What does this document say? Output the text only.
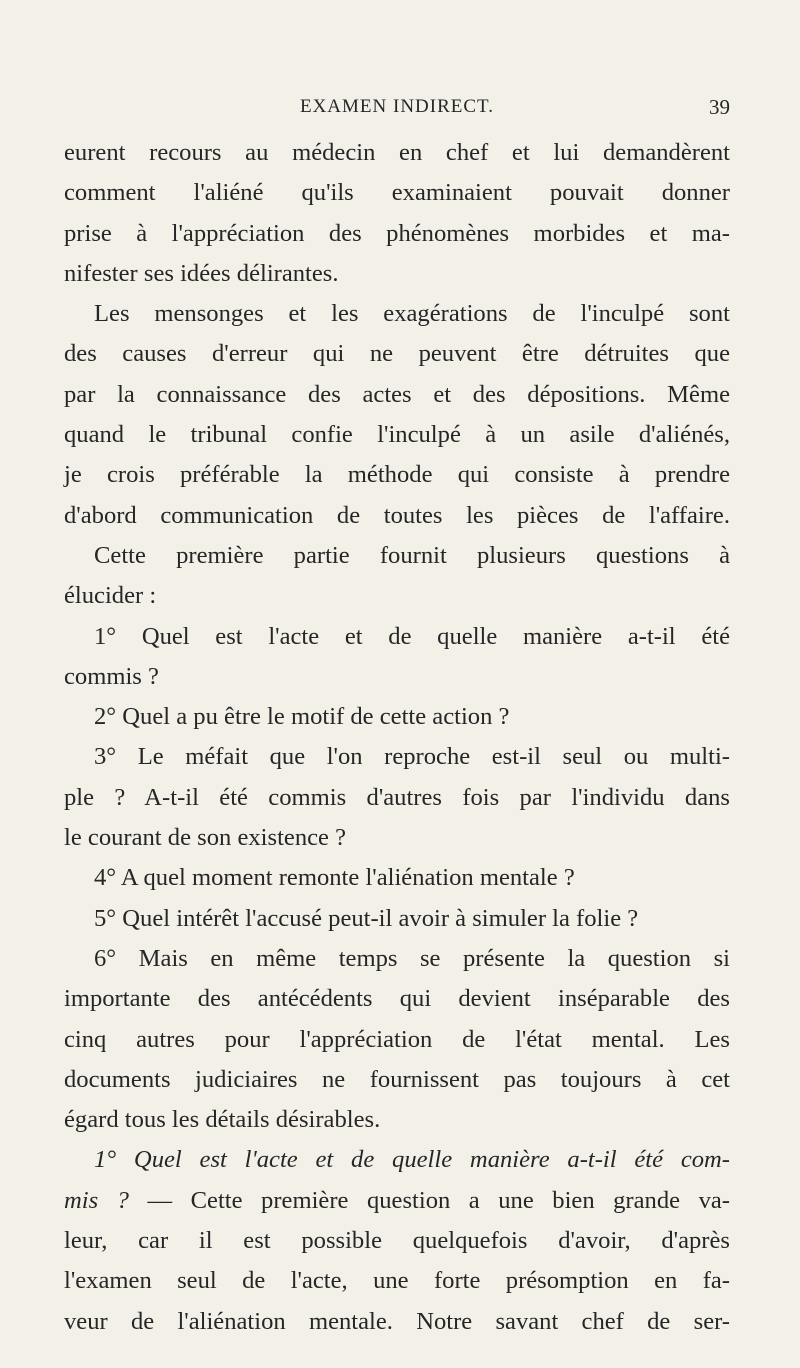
EXAMEN INDIRECT.	39
eurent recours au médecin en chef et lui demandèrent
comment l'aliéné qu'ils examinaient pouvait donner
prise à l'appréciation des phénomènes morbides et ma-
nifester ses idées délirantes.
Les mensonges et les exagérations de l'inculpé sont
des causes d'erreur qui ne peuvent être détruites que
par la connaissance des actes et des dépositions. Même
quand le tribunal confie l'inculpé à un asile d'aliénés,
je crois préférable la méthode qui consiste à prendre
d'abord communication de toutes les pièces de l'affaire.
Cette première partie fournit plusieurs questions à
élucider :
1° Quel est l'acte et de quelle manière a-t-il été
commis ?
2° Quel a pu être le motif de cette action ?
3° Le méfait que l'on reproche est-il seul ou multi-
ple ? A-t-il été commis d'autres fois par l'individu dans
le courant de son existence ?
4° A quel moment remonte l'aliénation mentale ?
5° Quel intérêt l'accusé peut-il avoir à simuler la folie ?
6° Mais en même temps se présente la question si
importante des antécédents qui devient inséparable des
cinq autres pour l'appréciation de l'état mental. Les
documents judiciaires ne fournissent pas toujours à cet
égard tous les détails désirables.
1° Quel est l'acte et de quelle manière a-t-il été com-
mis ? — Cette première question a une bien grande va-
leur, car il est possible quelquefois d'avoir, d'après
l'examen seul de l'acte, une forte présomption en fa-
veur de l'aliénation mentale. Notre savant chef de ser-
